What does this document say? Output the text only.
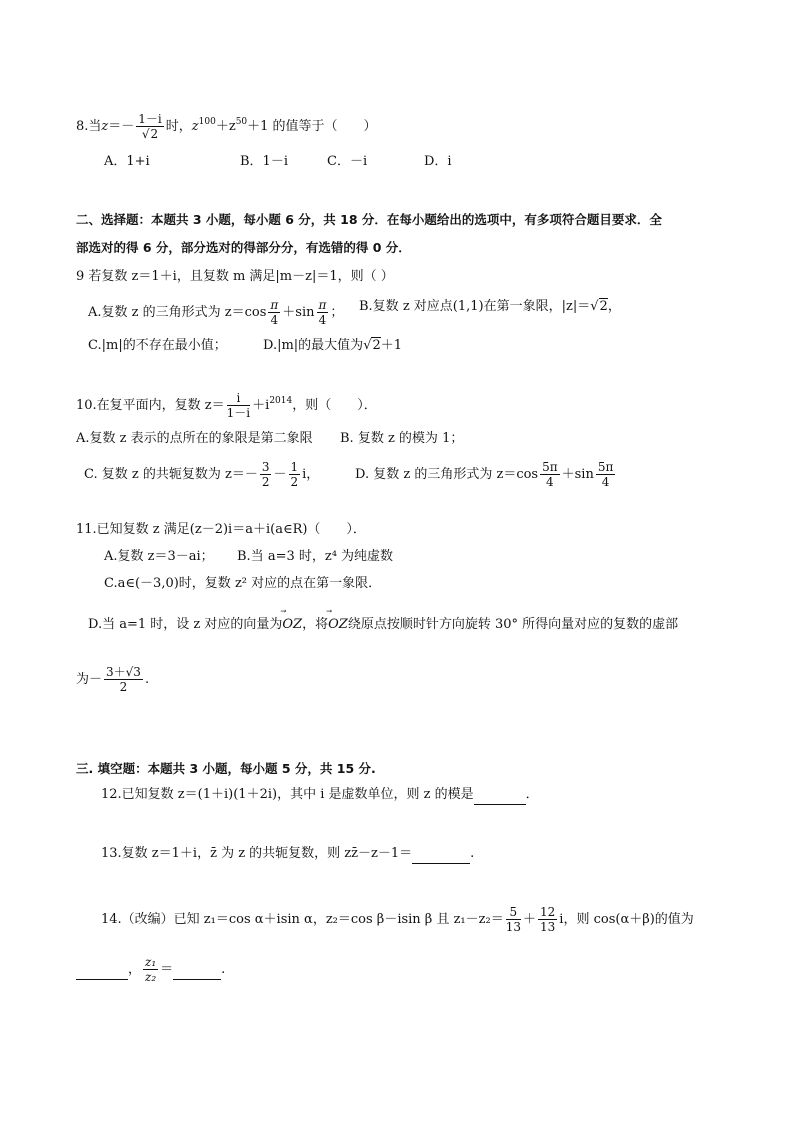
8.当$z=- \frac{1-i}{√2}$ 时，$z^{100}+z^{50}+1$ 的值等于（　　）
A．1+i	B．1－i	C．－i	D．i
二、选择题：本题共 3 小题，每小题 6 分，共 18 分．在每小题给出的选项中，有多项符合题目要求．全
部选对的得 6 分，部分选对的得部分分，有选错的得 0 分．
9 若复数 z＝1＋i，且复数 m 满足|m－z|＝1，则（ ）
A.复数 z 的三角形式为 $z=\cos \frac{\pi}{4} +\sin \frac{\pi}{4}$ ； B.复数 z 对应点(1,1)在第一象限，|z|＝√2，
C.|m|的不存在最小值；	D.|m|的最大值为√2＋1
10.在复平面内，复数 $z= \frac{i}{1-i} +i^{2014}$，则（　　）．
A.复数 z 表示的点所在的象限是第二象限 B. 复数 z 的模为 1；
C. 复数 z 的共轭复数为 $z=- \frac{3}{2} - \frac{1}{2}$ i，	D. 复数 z 的三角形式为 $z=\cos \frac{5\pi}{4} +\sin \frac{5\pi}{4}$
11.已知复数 z 满足(z－2)i＝a＋i(a∈R)（　　）．
A.复数 z＝3－ai； B.当 a=3 时，z⁴ 为纯虚数
C.a∈(－3,0)时，复数 z² 对应的点在第一象限．
D.当 a=1 时，设 z 对应的向量为⃗ OZ，将⃗ OZ绕原点按顺时针方向旋转 30° 所得向量对应的复数的虚部
为－ $\frac{3+√3}{2}$ .
三. 填空题：本题共 3 小题，每小题 5 分，共 15 分.
12.已知复数 z＝(1＋i)(1＋2i)，其中 i 是虚数单位，则 z 的模是	．
13.复数 z＝1＋i，z̄ 为 z 的共轭复数，则 zz̄－z－1＝	.
14.（改编）已知 z₁＝cos α＋isin α，z₂＝cos β－isin β 且 $z_1-z_2= \frac{5}{13} + \frac{12}{13}$ i，则 cos(α＋β)的值为
， $\frac{\text{z₁}}{\text{z₂}}$ ＝	.
